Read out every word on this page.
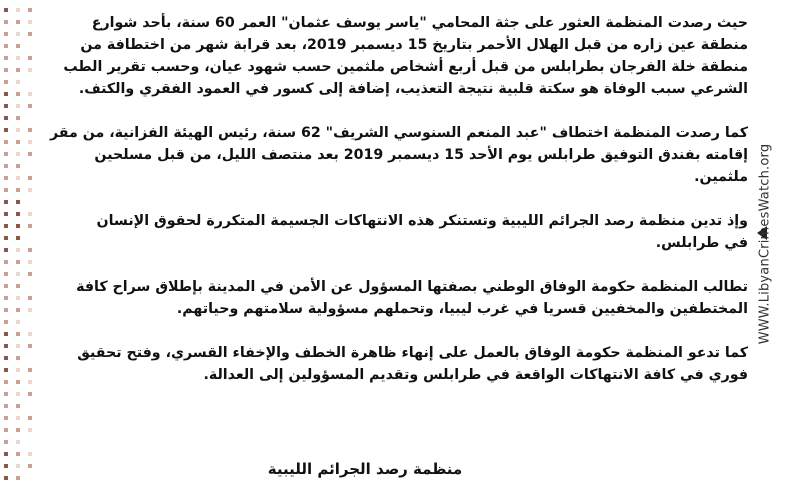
حيث رصدت المنظمة العثور على جثة المحامي "ياسر يوسف عثمان" العمر 60 سنة، بأحد شوارع
منطقة عين زاره من قبل الهلال الأحمر بتاريخ 15 ديسمبر 2019، بعد قرابة شهر من اختطافة من
منطقة خلة الفرجان بطرابلس من قبل أربع أشخاص ملثمين حسب شهود عيان، وحسب تقرير الطب
الشرعي سبب الوفاة هو سكتة قلبية نتيجة التعذيب، إضافة إلى كسور في العمود الفقري والكتف.

كما رصدت المنظمة اختطاف "عبد المنعم السنوسي الشريف" 62 سنة، رئيس الهيئة الفزانية، من مقر
إقامته بفندق التوفيق طرابلس يوم الأحد 15 ديسمبر 2019 بعد منتصف الليل، من قبل مسلحين
ملثمين.

وإذ تدين منظمة رصد الجرائم الليبية وتستنكر هذه الانتهاكات الجسيمة المتكررة لحقوق الإنسان
في طرابلس.

تطالب المنظمة حكومة الوفاق الوطني بصفتها المسؤول عن الأمن في المدينة بإطلاق سراح كافة
المختطفين والمخفيين قسريا في غرب ليبيا، وتحملهم مسؤولية سلامتهم وحياتهم.

كما تدعو المنظمة حكومة الوفاق بالعمل على إنهاء ظاهرة الخطف والإخفاء القسري، وفتح تحقيق
فوري في كافة الانتهاكات الواقعة في طرابلس وتقديم المسؤولين إلى العدالة.

منظمة رصد الجرائم الليبية
WWW.LibyanCrimesWatch.org
